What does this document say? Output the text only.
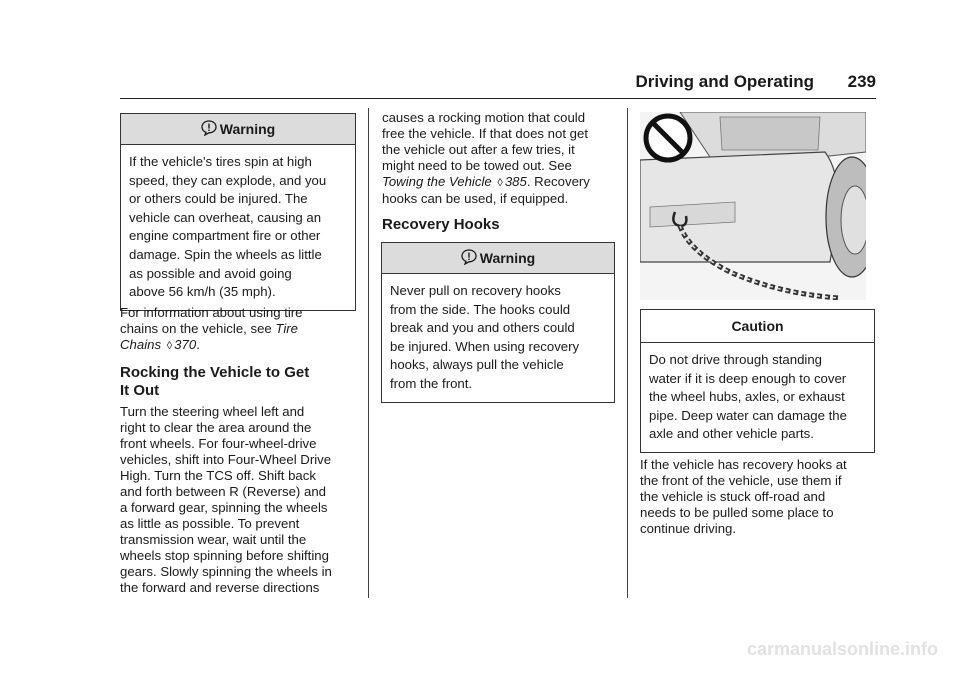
Driving and Operating 239
Warning
If the vehicle's tires spin at high
speed, they can explode, and you
or others could be injured. The
vehicle can overheat, causing an
engine compartment fire or other
damage. Spin the wheels as little
as possible and avoid going
above 56 km/h (35 mph).
For information about using tire
chains on the vehicle, see Tire
Chains ◊ 370.
Rocking the Vehicle to Get
It Out
Turn the steering wheel left and
right to clear the area around the
front wheels. For four-wheel-drive
vehicles, shift into Four-Wheel Drive
High. Turn the TCS off. Shift back
and forth between R (Reverse) and
a forward gear, spinning the wheels
as little as possible. To prevent
transmission wear, wait until the
wheels stop spinning before shifting
gears. Slowly spinning the wheels in
the forward and reverse directions
causes a rocking motion that could
free the vehicle. If that does not get
the vehicle out after a few tries, it
might need to be towed out. See
Towing the Vehicle ◊ 385. Recovery
hooks can be used, if equipped.
Recovery Hooks
Warning
Never pull on recovery hooks
from the side. The hooks could
break and you and others could
be injured. When using recovery
hooks, always pull the vehicle
from the front.
Caution
Do not drive through standing
water if it is deep enough to cover
the wheel hubs, axles, or exhaust
pipe. Deep water can damage the
axle and other vehicle parts.
If the vehicle has recovery hooks at
the front of the vehicle, use them if
the vehicle is stuck off-road and
needs to be pulled some place to
continue driving.
carmanualsonline.info
